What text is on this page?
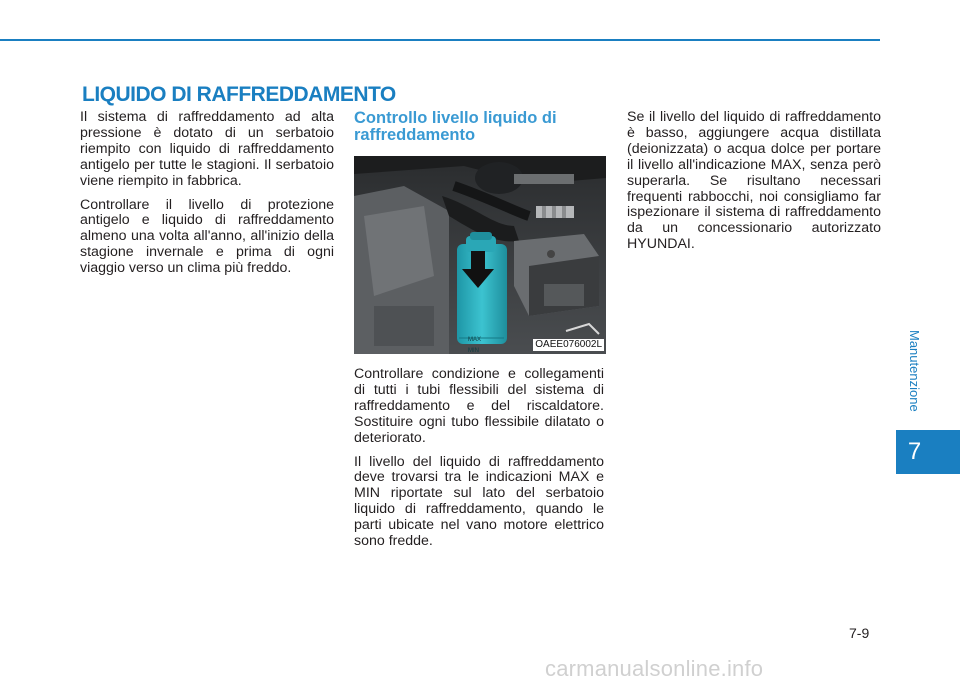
LIQUIDO DI RAFFREDDAMENTO

Il sistema di raffreddamento ad alta pressione è dotato di un serbatoio riempito con liquido di raffreddamento antigelo per tutte le stagioni. Il serbatoio viene riempito in fabbrica.

Controllare il livello di protezione antigelo e liquido di raffreddamento almeno una volta all'anno, all'inizio della stagione invernale e prima di ogni viaggio verso un clima più freddo.

Controllo livello liquido di raffreddamento
MAX
MIN
OAEE076002L

Controllare condizione e collegamenti di tutti i tubi flessibili del sistema di raffreddamento e del riscaldatore. Sostituire ogni tubo flessibile dilatato o deteriorato.

Il livello del liquido di raffreddamento deve trovarsi tra le indicazioni MAX e MIN riportate sul lato del serbatoio liquido di raffreddamento, quando le parti ubicate nel vano motore elettrico sono fredde.

Se il livello del liquido di raffreddamento è basso, aggiungere acqua distillata (deionizzata) o acqua dolce per portare il livello all'indicazione MAX, senza però superarla. Se risultano necessari frequenti rabbocchi, noi consigliamo far ispezionare il sistema di raffreddamento da un concessionario autorizzato HYUNDAI.

Manutenzione
7
7-9
carmanualsonline.info
